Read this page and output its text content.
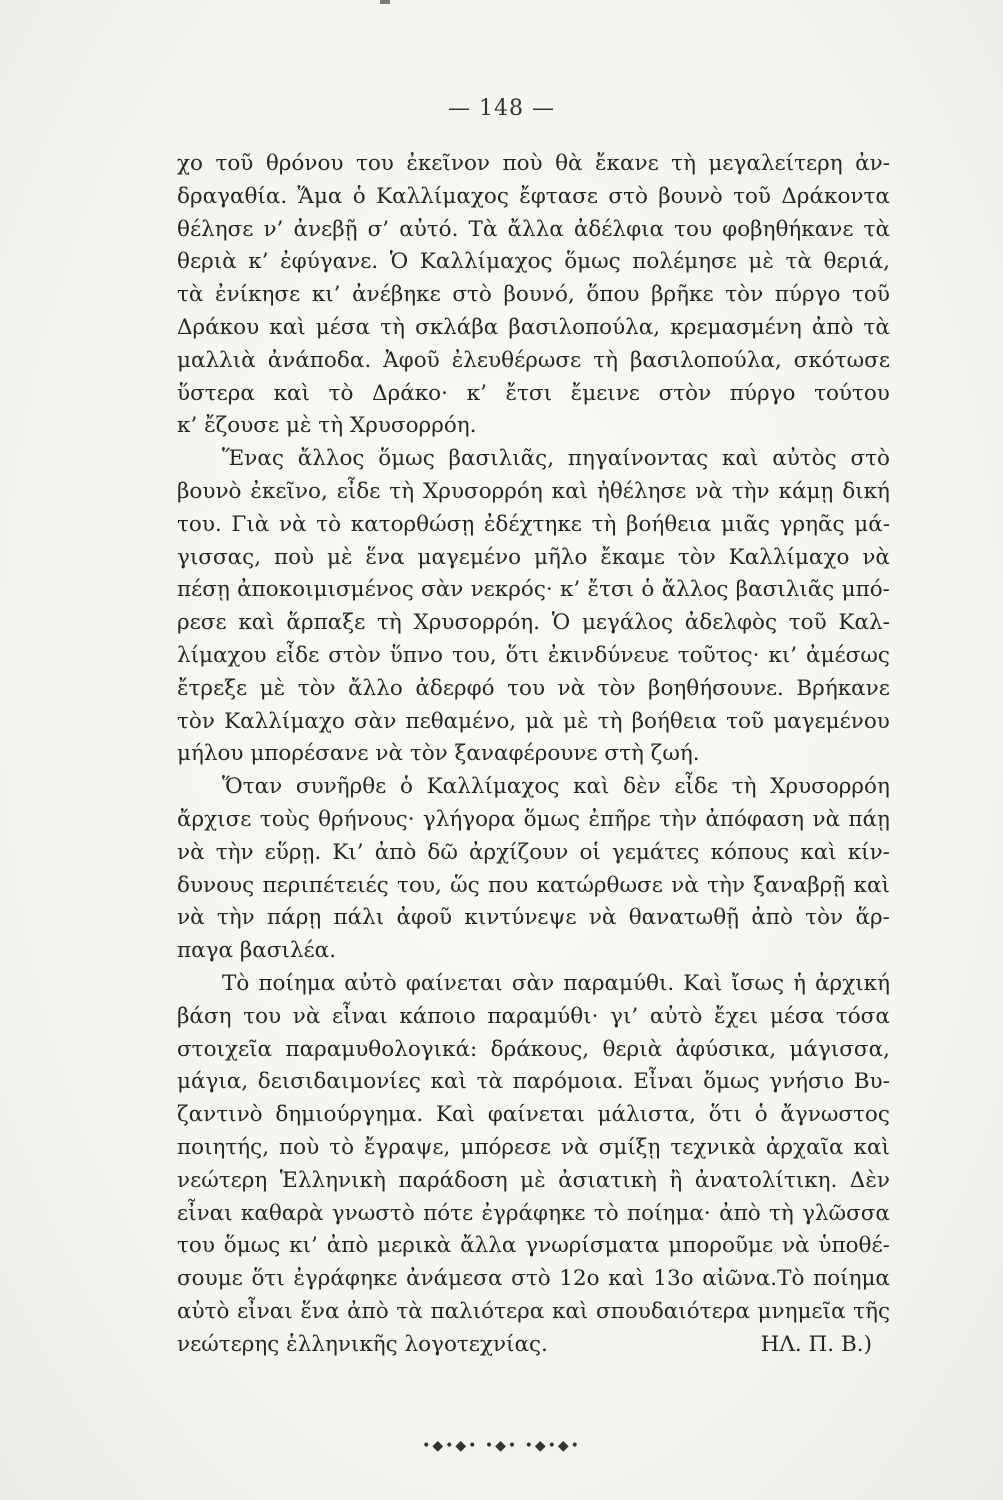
— 148 —
χο τοῦ θρόνου του ἐκεῖνον ποὺ θὰ ἔκανε τὴ μεγαλείτερη ἀν-
δραγαθία. Ἅμα ὁ Καλλίμαχος ἔφτασε στὸ βουνὸ τοῦ Δράκοντα
θέλησε ν’ ἀνεβῇ σ’ αὐτό. Τὰ ἄλλα ἀδέλφια του φοβηθήκανε τὰ
θεριὰ κ’ ἐφύγανε. Ὁ Καλλίμαχος ὅμως πολέμησε μὲ τὰ θεριά,
τὰ ἐνίκησε κι’ ἀνέβηκε στὸ βουνό, ὅπου βρῆκε τὸν πύργο τοῦ
Δράκου καὶ μέσα τὴ σκλάβα βασιλοπούλα, κρεμασμένη ἀπὸ τὰ
μαλλιὰ ἀνάποδα. Ἀφοῦ ἐλευθέρωσε τὴ βασιλοπούλα, σκότωσε
ὕστερα καὶ τὸ Δράκο· κ’ ἔτσι ἔμεινε στὸν πύργο τούτου
κ’ ἔζουσε μὲ τὴ Χρυσορρόη.
Ἕνας ἄλλος ὅμως βασιλιᾶς, πηγαίνοντας καὶ αὐτὸς στὸ
βουνὸ ἐκεῖνο, εἶδε τὴ Χρυσορρόη καὶ ἠθέλησε νὰ τὴν κάμῃ δική
του. Γιὰ νὰ τὸ κατορθώσῃ ἐδέχτηκε τὴ βοήθεια μιᾶς γρηᾶς μά-
γισσας, ποὺ μὲ ἕνα μαγεμένο μῆλο ἔκαμε τὸν Καλλίμαχο νὰ
πέσῃ ἀποκοιμισμένος σὰν νεκρός· κ’ ἔτσι ὁ ἄλλος βασιλιᾶς μπό-
ρεσε καὶ ἅρπαξε τὴ Χρυσορρόη. Ὁ μεγάλος ἀδελφὸς τοῦ Καλ-
λίμαχου εἶδε στὸν ὕπνο του, ὅτι ἐκινδύνευε τοῦτος· κι’ ἀμέσως
ἔτρεξε μὲ τὸν ἄλλο ἀδερφό του νὰ τὸν βοηθήσουνε. Βρήκανε
τὸν Καλλίμαχο σὰν πεθαμένο, μὰ μὲ τὴ βοήθεια τοῦ μαγεμένου
μήλου μπορέσανε νὰ τὸν ξαναφέρουνε στὴ ζωή.
Ὅταν συνῆρθε ὁ Καλλίμαχος καὶ δὲν εἶδε τὴ Χρυσορρόη
ἄρχισε τοὺς θρήνους· γλήγορα ὅμως ἐπῆρε τὴν ἀπόφαση νὰ πάῃ
νὰ τὴν εὕρῃ. Κι’ ἀπὸ δῶ ἀρχίζουν οἱ γεμάτες κόπους καὶ κίν-
δυνους περιπέτειές του, ὥς που κατώρθωσε νὰ τὴν ξαναβρῇ καὶ
νὰ τὴν πάρῃ πάλι ἀφοῦ κιντύνεψε νὰ θανατωθῇ ἀπὸ τὸν ἅρ-
παγα βασιλέα.
Τὸ ποίημα αὐτὸ φαίνεται σὰν παραμύθι. Καὶ ἴσως ἡ ἀρχική
βάση του νὰ εἶναι κάποιο παραμύθι· γι’ αὐτὸ ἔχει μέσα τόσα
στοιχεῖα παραμυθολογικά: δράκους, θεριὰ ἀφύσικα, μάγισσα,
μάγια, δεισιδαιμονίες καὶ τὰ παρόμοια. Εἶναι ὅμως γνήσιο Βυ-
ζαντινὸ δημιούργημα. Καὶ φαίνεται μάλιστα, ὅτι ὁ ἄγνωστος
ποιητής, ποὺ τὸ ἔγραψε, μπόρεσε νὰ σμίξῃ τεχνικὰ ἀρχαῖα καὶ
νεώτερη Ἑλληνικὴ παράδοση μὲ ἀσιατικὴ ἢ ἀνατολίτικη. Δὲν
εἶναι καθαρὰ γνωστὸ πότε ἐγράφηκε τὸ ποίημα· ἀπὸ τὴ γλῶσσα
του ὅμως κι’ ἀπὸ μερικὰ ἄλλα γνωρίσματα μποροῦμε νὰ ὑποθέ-
σουμε ὅτι ἐγράφηκε ἀνάμεσα στὸ 12ο καὶ 13ο αἰῶνα.Τὸ ποίημα
αὐτὸ εἶναι ἕνα ἀπὸ τὰ παλιότερα καὶ σπουδαιότερα μνημεῖα τῆς
νεώτερης ἑλληνικῆς λογοτεχνίας.	ΗΛ. Π. Β.)
•◆•◆• •◆• •◆•◆•
